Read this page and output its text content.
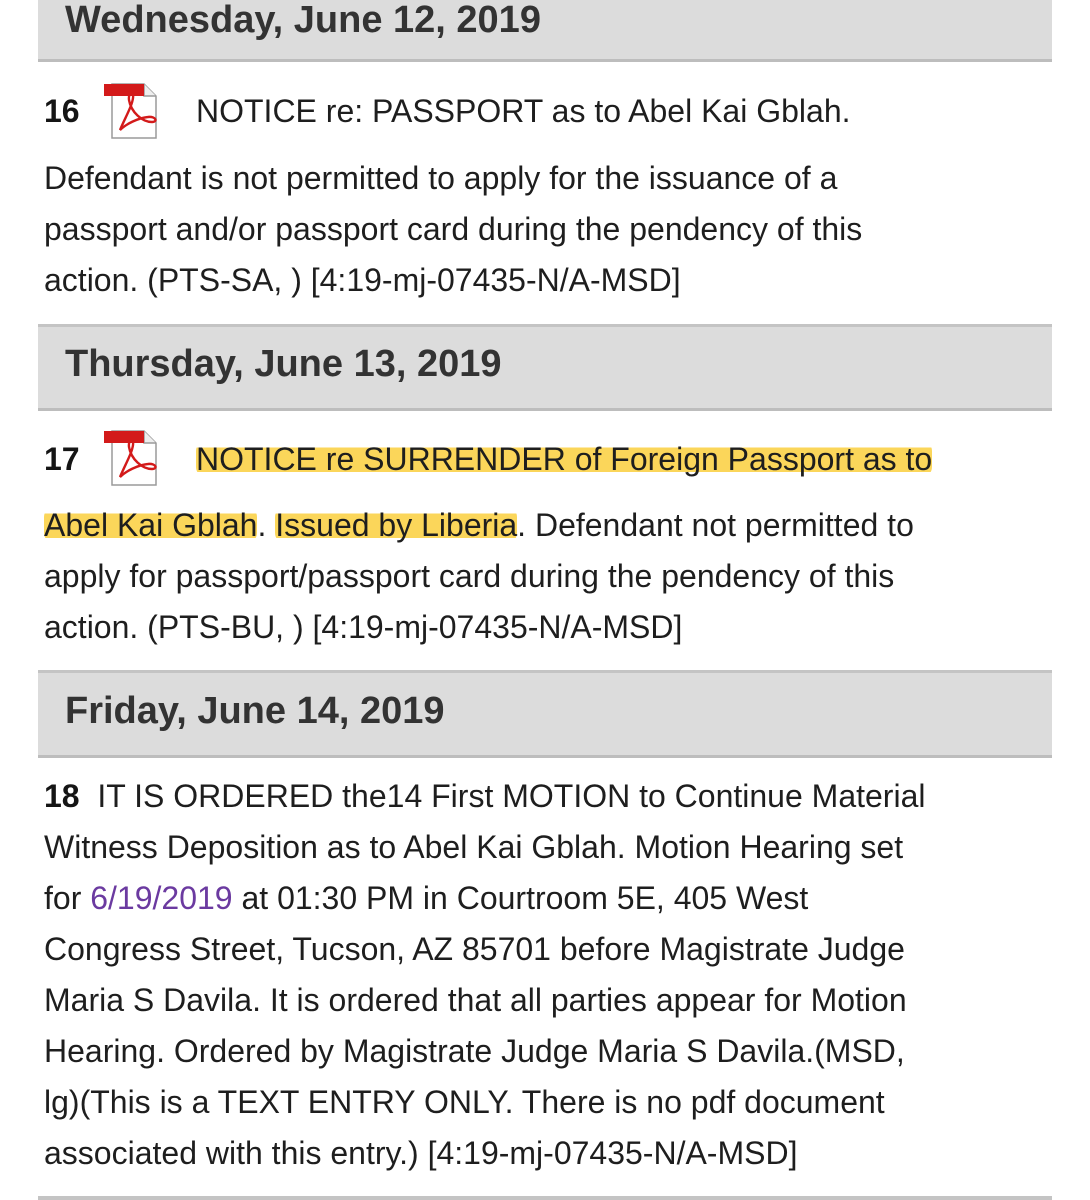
Wednesday, June 12, 2019
16	NOTICE re: PASSPORT as to Abel Kai Gblah.
Defendant is not permitted to apply for the issuance of a
passport and/or passport card during the pendency of this
action. (PTS-SA, ) [4:19-mj-07435-N/A-MSD]
Thursday, June 13, 2019
17	NOTICE re SURRENDER of Foreign Passport as to
Abel Kai Gblah. Issued by Liberia. Defendant not permitted to
apply for passport/passport card during the pendency of this
action. (PTS-BU, ) [4:19-mj-07435-N/A-MSD]
Friday, June 14, 2019
18 IT IS ORDERED the14 First MOTION to Continue Material
Witness Deposition as to Abel Kai Gblah. Motion Hearing set
for 6/19/2019 at 01:30 PM in Courtroom 5E, 405 West
Congress Street, Tucson, AZ 85701 before Magistrate Judge
Maria S Davila. It is ordered that all parties appear for Motion
Hearing. Ordered by Magistrate Judge Maria S Davila.(MSD,
lg)(This is a TEXT ENTRY ONLY. There is no pdf document
associated with this entry.) [4:19-mj-07435-N/A-MSD]
